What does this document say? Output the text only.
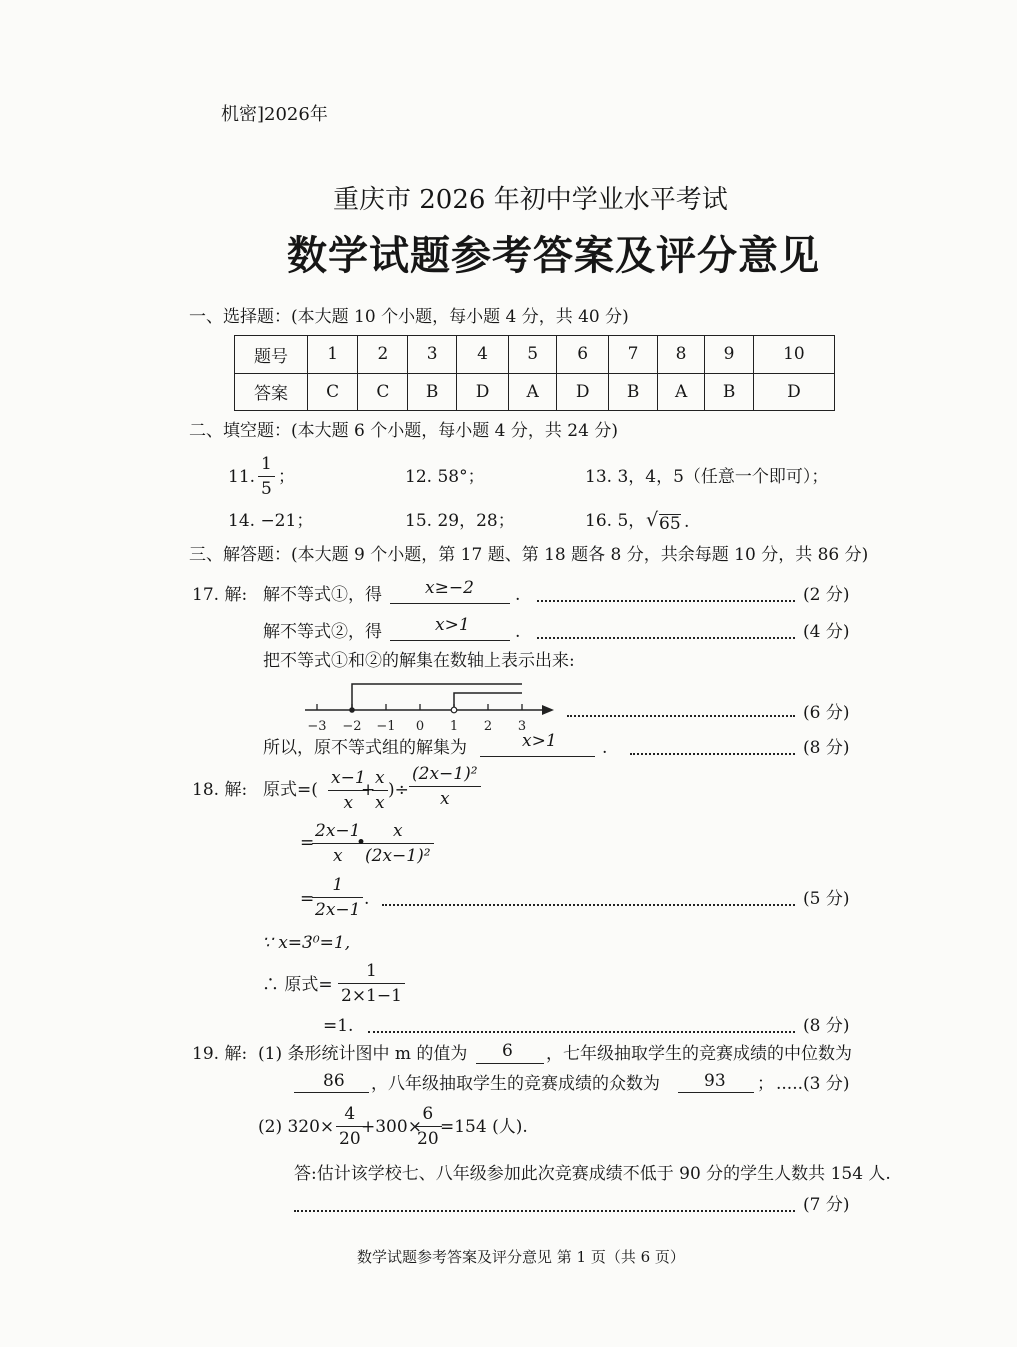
机密]2026年
重庆市 2026 年初中学业水平考试
数学试题参考答案及评分意见
一、选择题：(本大题 10 个小题，每小题 4 分，共 40 分)
题号	1	2	3	4	5	6	7	8	9	10
答案	C	C	B	D	A	D	B	A	B	D
二、填空题：(本大题 6 个小题，每小题 4 分，共 24 分)
11.
1
5
；	12. 58°；	13. 3，4，5（任意一个即可）；
14. −21；	15. 29，28；	16. 5， √ 65 .
三、解答题：(本大题 9 个小题，第 17 题、第 18 题各 8 分，共余每题 10 分，共 86 分)
17. 解: 解不等式①，得	x≥−2 .	(2 分)
解不等式②，得	x>1	.	(4 分)
把不等式①和②的解集在数轴上表示出来:
−3 −2 −1 0 1 2 3
(6 分)
所以，原不等式组的解集为	x>1	.	(8 分)
18. 解: 原式=(
x−1
x
+
x
x
)÷
(2x−1)²
x
=
2x−1
x
•
x
(2x−1)²
=
1
2x−1
.	(5 分)
∵ x=3⁰=1,
∴ 原式=
1
2×1−1
=1.	(8 分)
19. 解: (1) 条形统计图中 m 的值为 6 ，七年级抽取学生的竞赛成绩的中位数为
86 ，八年级抽取学生的竞赛成绩的众数为	93 ； ..... (3 分)
(2) 320×
4
20
+300×
6
20
=154 (人).
答:估计该学校七、八年级参加此次竞赛成绩不低于 90 分的学生人数共 154 人.
(7 分)
数学试题参考答案及评分意见 第 1 页（共 6 页）
